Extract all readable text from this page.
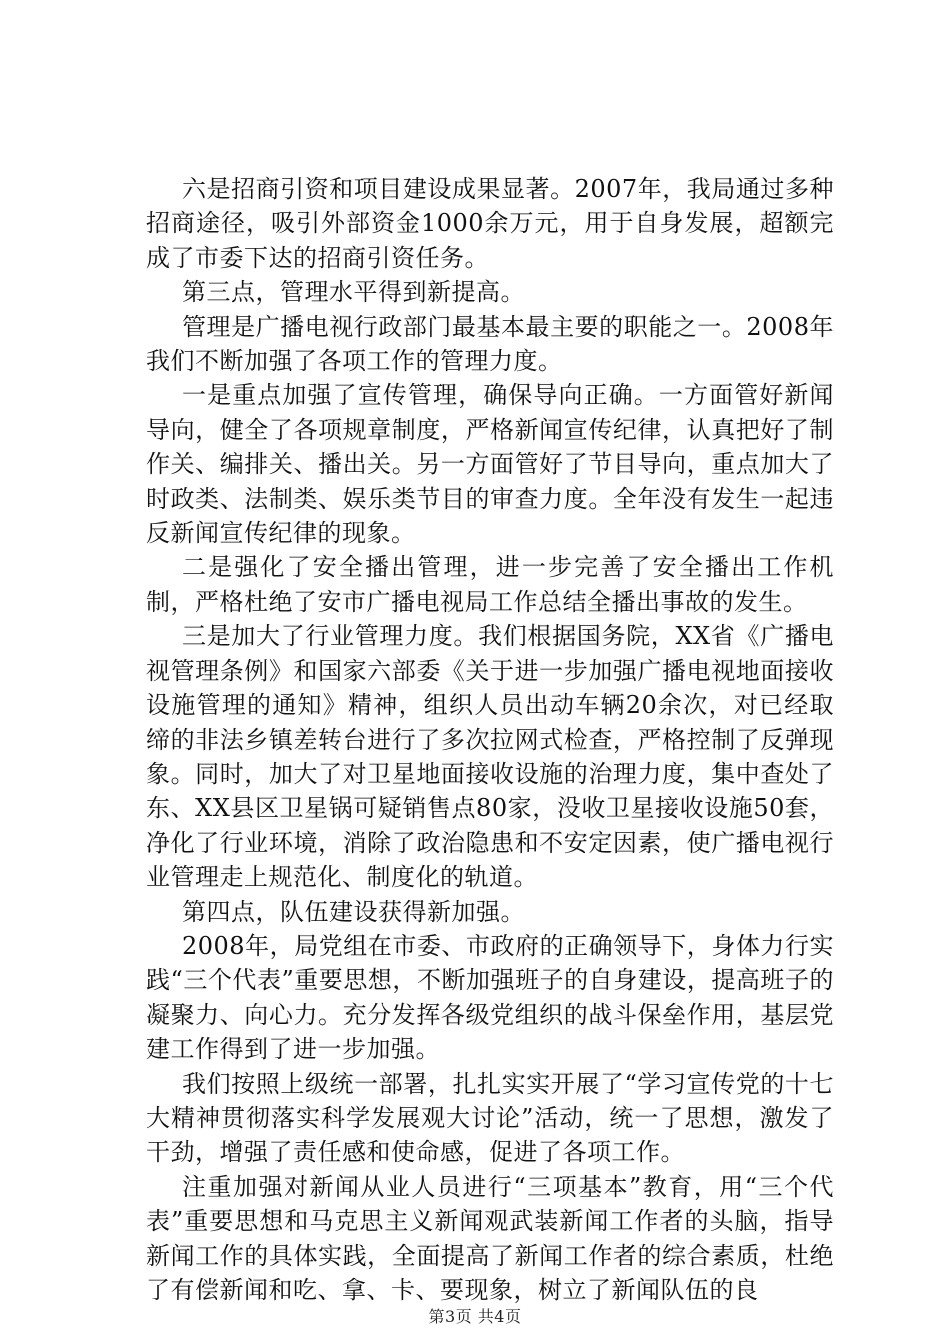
六是招商引资和项目建设成果显著。2007年，我局通过多种招商途径，吸引外部资金1000余万元，用于自身发展，超额完成了市委下达的招商引资任务。

第三点，管理水平得到新提高。

管理是广播电视行政部门最基本最主要的职能之一。2008年我们不断加强了各项工作的管理力度。

一是重点加强了宣传管理，确保导向正确。一方面管好新闻导向，健全了各项规章制度，严格新闻宣传纪律，认真把好了制作关、编排关、播出关。另一方面管好了节目导向，重点加大了时政类、法制类、娱乐类节目的审查力度。全年没有发生一起违反新闻宣传纪律的现象。

二是强化了安全播出管理，进一步完善了安全播出工作机制，严格杜绝了安市广播电视局工作总结全播出事故的发生。

三是加大了行业管理力度。我们根据国务院，XX省《广播电视管理条例》和国家六部委《关于进一步加强广播电视地面接收设施管理的通知》精神，组织人员出动车辆20余次，对已经取缔的非法乡镇差转台进行了多次拉网式检查，严格控制了反弹现象。同时，加大了对卫星地面接收设施的治理力度，集中查处了东、XX县区卫星锅可疑销售点80家，没收卫星接收设施50套，净化了行业环境，消除了政治隐患和不安定因素，使广播电视行业管理走上规范化、制度化的轨道。

第四点，队伍建设获得新加强。

2008年，局党组在市委、市政府的正确领导下，身体力行实践“三个代表”重要思想，不断加强班子的自身建设，提高班子的凝聚力、向心力。充分发挥各级党组织的战斗保垒作用，基层党建工作得到了进一步加强。

我们按照上级统一部署，扎扎实实开展了“学习宣传党的十七大精神贯彻落实科学发展观大讨论”活动，统一了思想，激发了干劲，增强了责任感和使命感，促进了各项工作。

注重加强对新闻从业人员进行“三项基本”教育，用“三个代表”重要思想和马克思主义新闻观武装新闻工作者的头脑，指导新闻工作的具体实践，全面提高了新闻工作者的综合素质，杜绝了有偿新闻和吃、拿、卡、要现象，树立了新闻队伍的良

第3页 共4页
